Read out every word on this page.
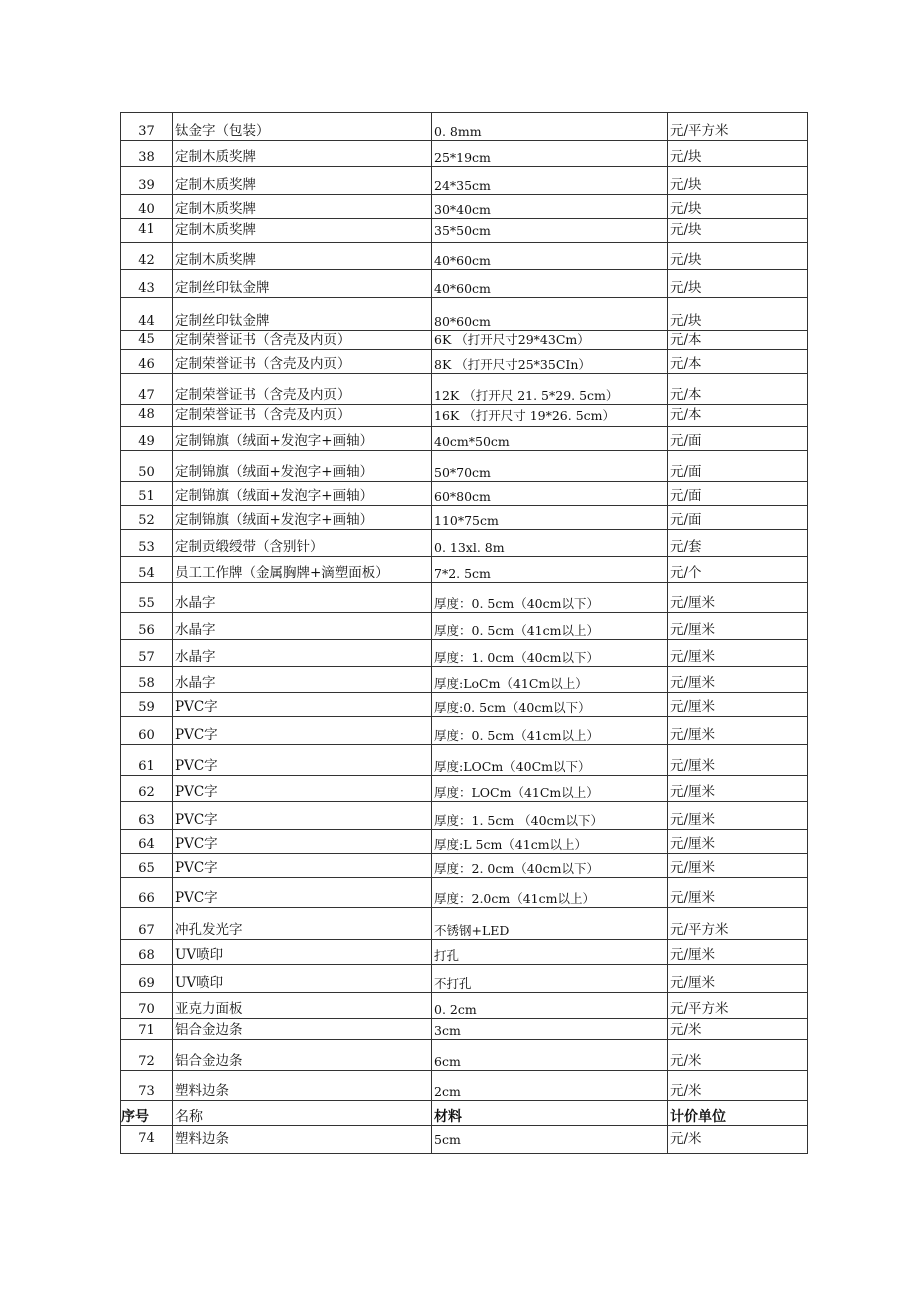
37	钛金字（包装）	0. 8mm	元/平方米
38	定制木质奖牌	25*19cm	元/块
39	定制木质奖牌	24*35cm	元/块
40	定制木质奖牌	30*40cm	元/块
41	定制木质奖牌	35*50cm	元/块
42	定制木质奖牌	40*60cm	元/块
43	定制丝印钛金牌	40*60cm	元/块
44	定制丝印钛金牌	80*60cm	元/块
45	定制荣誉证书（含壳及内页）	6K （打开尺寸29*43Cm）	元/本
46	定制荣誉证书（含壳及内页）	8K （打开尺寸25*35CIn）	元/本
47	定制荣誉证书（含壳及内页）	12K （打开尺 21. 5*29. 5cm）	元/本
48	定制荣誉证书（含壳及内页）	16K （打开尺寸 19*26. 5cm）	元/本
49	定制锦旗（绒面+发泡字+画轴）	40cm*50cm	元/面
50	定制锦旗（绒面+发泡字+画轴）	50*70cm	元/面
51	定制锦旗（绒面+发泡字+画轴）	60*80cm	元/面
52	定制锦旗（绒面+发泡字+画轴）	110*75cm	元/面
53	定制贡缎绶带（含别针）	0. 13xl. 8m	元/套
54	员工工作牌（金属胸牌+滴塑面板）	7*2. 5cm	元/个
55	水晶字	厚度：0. 5cm（40cm以下）	元/厘米
56	水晶字	厚度：0. 5cm（41cm以上）	元/厘米
57	水晶字	厚度：1. 0cm（40cm以下）	元/厘米
58	水晶字	厚度:LoCm（41Cm以上）	元/厘米
59	PVC字	厚度:0. 5cm（40cm以下）	元/厘米
60	PVC字	厚度：0. 5cm（41cm以上）	元/厘米
61	PVC字	厚度:LOCm（40Cm以下）	元/厘米
62	PVC字	厚度：LOCm（41Cm以上）	元/厘米
63	PVC字	厚度：1. 5cm （40cm以下）	元/厘米
64	PVC字	厚度:L 5cm（41cm以上）	元/厘米
65	PVC字	厚度：2. 0cm（40cm以下）	元/厘米
66	PVC字	厚度：2.0cm（41cm以上）	元/厘米
67	冲孔发光字	不锈钢+LED	元/平方米
68	UV喷印	打孔	元/厘米
69	UV喷印	不打孔	元/厘米
70	亚克力面板	0. 2cm	元/平方米
71	铝合金边条	3cm	元/米
72	铝合金边条	6cm	元/米
73	塑料边条	2cm	元/米
序号	名称	材料	计价单位
74	塑料边条	5cm	元/米
